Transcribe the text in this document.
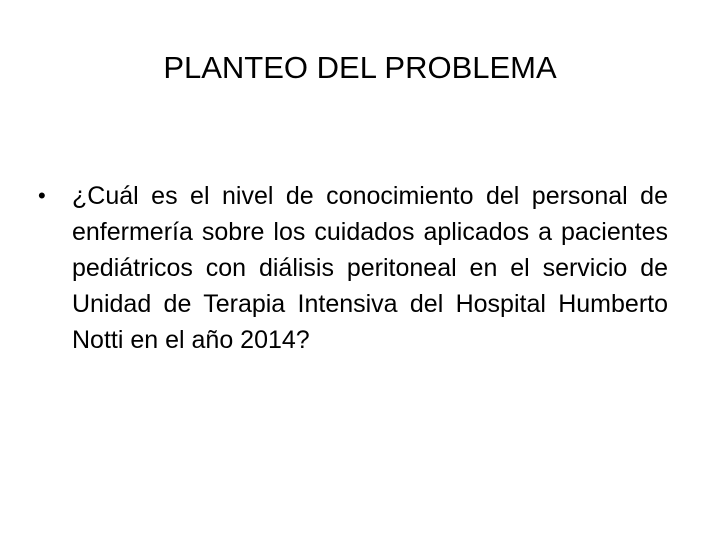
PLANTEO DEL PROBLEMA
• ¿Cuál es el nivel de conocimiento del personal de enfermería sobre los cuidados aplicados a pacientes pediátricos con diálisis peritoneal en el servicio de Unidad de Terapia Intensiva del Hospital Humberto Notti en el año 2014?
